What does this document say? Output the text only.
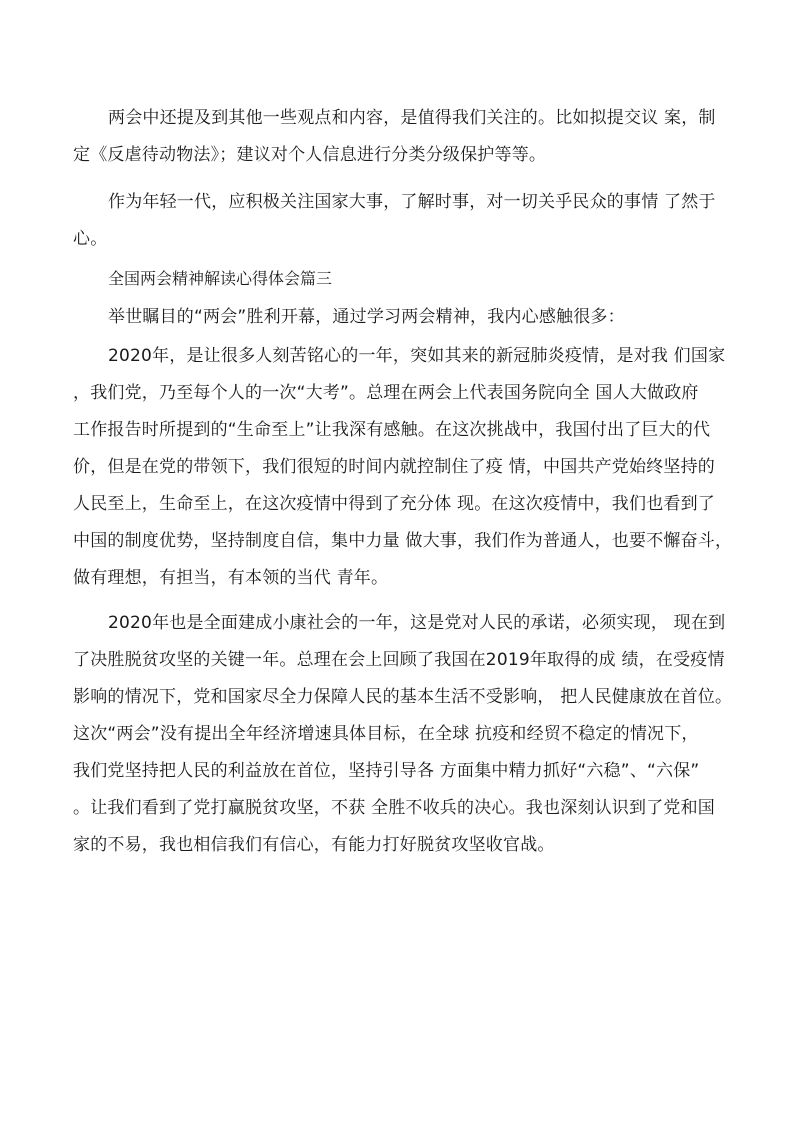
两会中还提及到其他一些观点和内容，是值得我们关注的。比如拟提交议 案，制
定《反虐待动物法》；建议对个人信息进行分类分级保护等等。

作为年轻一代，应积极关注国家大事，了解时事，对一切关乎民众的事情 了然于
心。

全国两会精神解读心得体会篇三

举世瞩目的“两会”胜利开幕，通过学习两会精神，我内心感触很多：

2020年，是让很多人刻苦铭心的一年，突如其来的新冠肺炎疫情，是对我 们国家
，我们党，乃至每个人的一次“大考”。总理在两会上代表国务院向全 国人大做政府
工作报告时所提到的“生命至上”让我深有感触。在这次挑战中，我国付出了巨大的代
价，但是在党的带领下，我们很短的时间内就控制住了疫 情，中国共产党始终坚持的
人民至上，生命至上，在这次疫情中得到了充分体 现。在这次疫情中，我们也看到了
中国的制度优势，坚持制度自信，集中力量 做大事，我们作为普通人，也要不懈奋斗，
做有理想，有担当，有本领的当代 青年。

2020年也是全面建成小康社会的一年，这是党对人民的承诺，必须实现， 现在到
了决胜脱贫攻坚的关键一年。总理在会上回顾了我国在2019年取得的成 绩，在受疫情
影响的情况下，党和国家尽全力保障人民的基本生活不受影响， 把人民健康放在首位。
这次“两会”没有提出全年经济增速具体目标，在全球 抗疫和经贸不稳定的情况下，
我们党坚持把人民的利益放在首位，坚持引导各 方面集中精力抓好“六稳”、“六保”
。让我们看到了党打赢脱贫攻坚，不获 全胜不收兵的决心。我也深刻认识到了党和国
家的不易，我也相信我们有信心，有能力打好脱贫攻坚收官战。
